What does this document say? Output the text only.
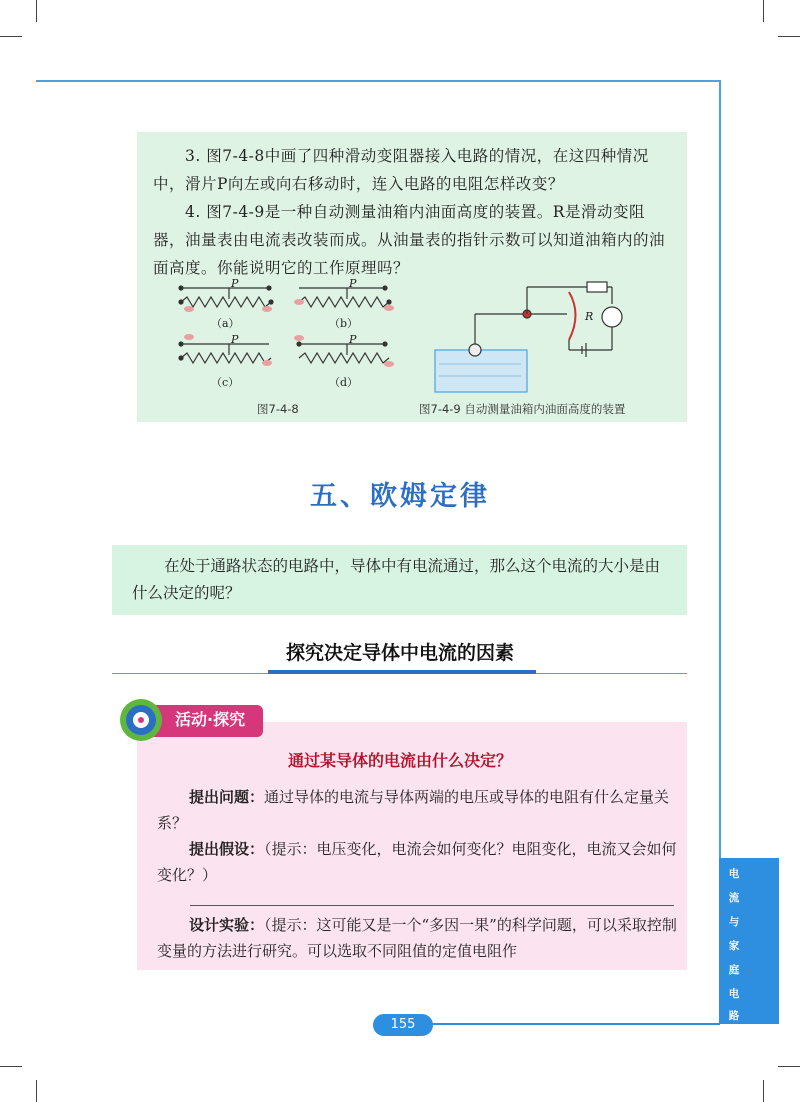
3. 图7-4-8中画了四种滑动变阻器接入电路的情况，在这四种情况中，滑片P向左或向右移动时，连入电路的电阻怎样改变？

4. 图7-4-9是一种自动测量油箱内油面高度的装置。R是滑动变阻器，油量表由电流表改装而成。从油量表的指针示数可以知道油箱内的油面高度。你能说明它的工作原理吗？

P	P
P	P
R
（a）	（b）
（c）	（d）
图7-4-8	图7-4-9 自动测量油箱内油面高度的装置
五、欧姆定律

在处于通路状态的电路中，导体中有电流通过，那么这个电流的大小是由什么决定的呢？

探究决定导体中电流的因素

提出问题：通过导体的电流与导体两端的电压或导体的电阻有什么定量关系？

提出假设：（提示：电压变化，电流会如何变化？电阻变化，电流又会如何变化？）

设计实验：（提示：这可能又是一个“多因一果”的科学问题，可以采取控制变量的方法进行研究。可以选取不同阻值的定值电阻作

活动·探究
通过某导体的电流由什么决定？
电
流
与
家
庭
电
路
155
